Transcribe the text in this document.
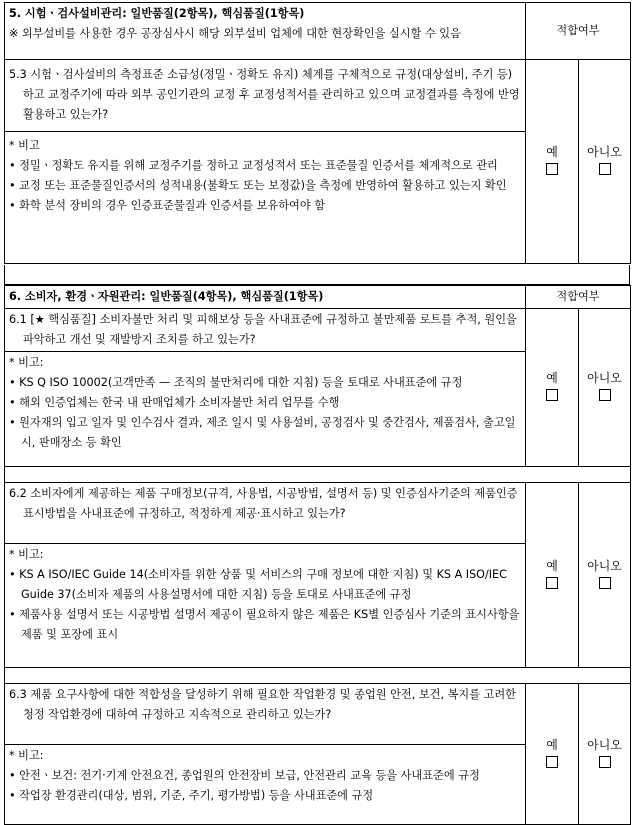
5. 시험ㆍ검사설비관리: 일반품질(2항목), 핵심품질(1항목)

※ 외부설비를 사용한 경우 공장심사시 해당 외부설비 업체에 대한 현장확인을 실시할 수 있음	적합여부	

5.3 시험ㆍ검사설비의 측정표준 소급성(정밀ㆍ정확도 유지) 체계를 구체적으로 규정(대상설비, 주기 등)하고 교정주기에 따라 외부 공인기관의 교정 후 교정성적서를 관리하고 있으며 교정결과를 측정에 반영 활용하고 있는가?	예	아니오

* 비고
• 정밀ㆍ정확도 유지를 위해 교정주기를 정하고 교정성적서 또는 표준물질 인증서를 체계적으로 관리
• 교정 또는 표준물질인증서의 성적내용(불확도 또는 보정값)을 측정에 반영하여 활용하고 있는지 확인
• 화학 분석 장비의 경우 인증표준물질과 인증서를 보유하여야 함		
6. 소비자, 환경ㆍ자원관리: 일반품질(4항목), 핵심품질(1항목)	적합여부	

6.1 [★ 핵심품질] 소비자불만 처리 및 피해보상 등을 사내표준에 규정하고 불만제품 로트를 추적, 원인을 파악하고 개선 및 재발방지 조치를 하고 있는가?	예	아니오

* 비고:
• KS Q ISO 10002(고객만족 — 조직의 불만처리에 대한 지침) 등을 토대로 사내표준에 규정
• 해외 인증업체는 한국 내 판매업체가 소비자불만 처리 업무를 수행
• 원자재의 입고 일자 및 인수검사 결과, 제조 일시 및 사용설비, 공정검사 및 중간검사, 제품검사, 출고일시, 판매장소 등 확인		

6.2 소비자에게 제공하는 제품 구매정보(규격, 사용법, 시공방법, 설명서 등) 및 인증심사기준의 제품인증 표시방법을 사내표준에 규정하고, 적정하게 제공·표시하고 있는가?	예	아니오

* 비고:
• KS A ISO/IEC Guide 14(소비자를 위한 상품 및 서비스의 구매 정보에 대한 지침) 및 KS A ISO/IEC Guide 37(소비자 제품의 사용설명서에 대한 지침) 등을 토대로 사내표준에 규정
• 제품사용 설명서 또는 시공방법 설명서 제공이 필요하지 않은 제품은 KS별 인증심사 기준의 표시사항을 제품 및 포장에 표시		

6.3 제품 요구사항에 대한 적합성을 달성하기 위해 필요한 작업환경 및 종업원 안전, 보건, 복지를 고려한 청정 작업환경에 대하여 규정하고 지속적으로 관리하고 있는가?	예	아니오

* 비고:
• 안전ㆍ보건: 전기·기계 안전요건, 종업원의 안전장비 보급, 안전관리 교육 등을 사내표준에 규정
• 작업장 환경관리(대상, 범위, 기준, 주기, 평가방법) 등을 사내표준에 규정		
